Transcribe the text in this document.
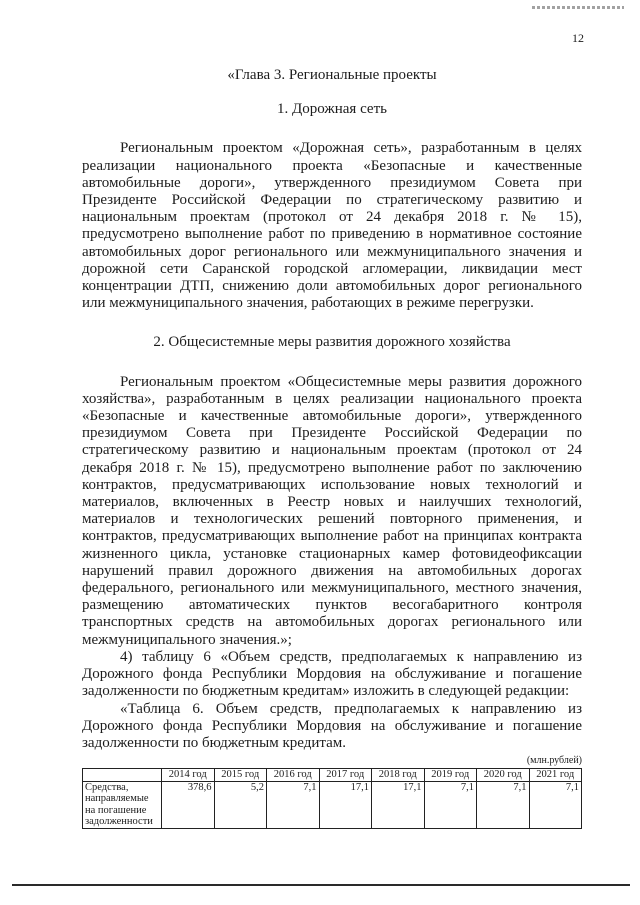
12
«Глава 3. Региональные проекты
1. Дорожная сеть

Региональным проектом «Дорожная сеть», разработанным в целях реализации национального проекта «Безопасные и качественные автомобильные дороги», утвержденного президиумом Совета при Президенте Российской Федерации по стратегическому развитию и национальным проектам (протокол от 24 декабря 2018 г. № 15), предусмотрено выполнение работ по приведению в нормативное состояние автомобильных дорог регионального или межмуниципального значения и дорожной сети Саранской городской агломерации, ликвидации мест концентрации ДТП, снижению доли автомобильных дорог регионального или межмуниципального значения, работающих в режиме перегрузки.

2. Общесистемные меры развития дорожного хозяйства

Региональным проектом «Общесистемные меры развития дорожного хозяйства», разработанным в целях реализации национального проекта «Безопасные и качественные автомобильные дороги», утвержденного президиумом Совета при Президенте Российской Федерации по стратегическому развитию и национальным проектам (протокол от 24 декабря 2018 г. № 15), предусмотрено выполнение работ по заключению контрактов, предусматривающих использование новых технологий и материалов, включенных в Реестр новых и наилучших технологий, материалов и технологических решений повторного применения, и контрактов, предусматривающих выполнение работ на принципах контракта жизненного цикла, установке стационарных камер фотовидеофиксации нарушений правил дорожного движения на автомобильных дорогах федерального, регионального или межмуниципального, местного значения, размещению автоматических пунктов весогабаритного контроля транспортных средств на автомобильных дорогах регионального или межмуниципального значения.»;

4) таблицу 6 «Объем средств, предполагаемых к направлению из Дорожного фонда Республики Мордовия на обслуживание и погашение задолженности по бюджетным кредитам» изложить в следующей редакции:

«Таблица 6. Объем средств, предполагаемых к направлению из Дорожного фонда Республики Мордовия на обслуживание и погашение задолженности по бюджетным кредитам.

(млн.рублей)
	2014 год	2015 год	2016 год	2017 год	2018 год	2019 год	2020 год	2021 год
Средства, направляемые на погашение задолженности	378,6	5,2	7,1	17,1	17,1	7,1	7,1	7,1
